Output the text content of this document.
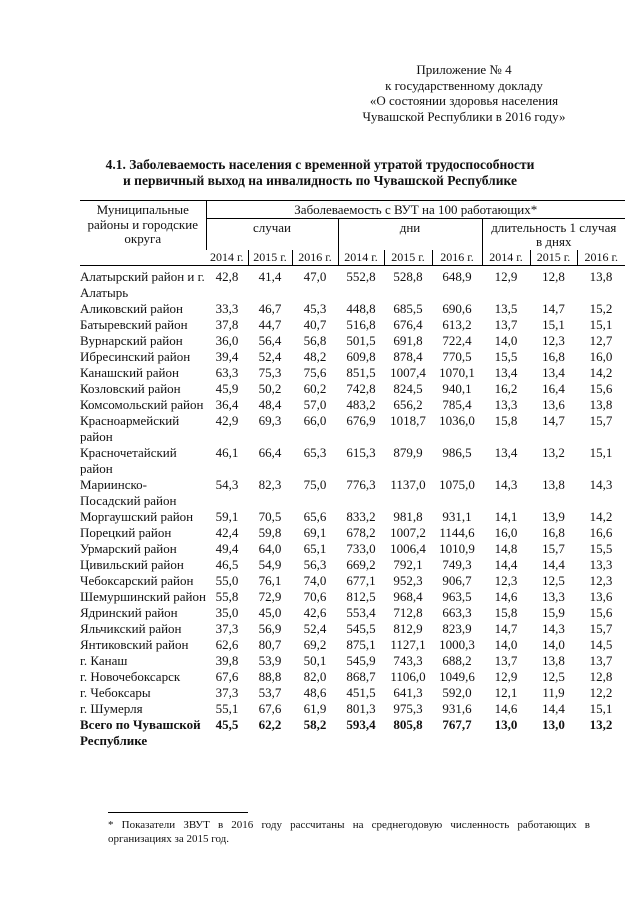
Приложение № 4
к государственному докладу
«О состоянии здоровья населения
Чувашской Республики в 2016 году»
4.1. Заболеваемость населения с временной утратой трудоспособности
и первичный выход на инвалидность по Чувашской Республике
Муниципальные районы и городские округа	Заболеваемость с ВУТ на 100 работающих*								
	случаи			дни			длительность 1 случая в днях		
	2014 г.	2015 г.	2016 г.	2014 г.	2015 г.	2016 г.	2014 г.	2015 г.	2016 г.
Алатырский район и г. Алатырь	42,8	41,4	47,0	552,8	528,8	648,9	12,9	12,8	13,8
Аликовский район	33,3	46,7	45,3	448,8	685,5	690,6	13,5	14,7	15,2
Батыревский район	37,8	44,7	40,7	516,8	676,4	613,2	13,7	15,1	15,1
Вурнарский район	36,0	56,4	56,8	501,5	691,8	722,4	14,0	12,3	12,7
Ибресинский район	39,4	52,4	48,2	609,8	878,4	770,5	15,5	16,8	16,0
Канашский район	63,3	75,3	75,6	851,5	1007,4	1070,1	13,4	13,4	14,2
Козловский район	45,9	50,2	60,2	742,8	824,5	940,1	16,2	16,4	15,6
Комсомольский район	36,4	48,4	57,0	483,2	656,2	785,4	13,3	13,6	13,8
Красноармейский район	42,9	69,3	66,0	676,9	1018,7	1036,0	15,8	14,7	15,7
Красночетайский район	46,1	66,4	65,3	615,3	879,9	986,5	13,4	13,2	15,1
Мариинско-Посадский район	54,3	82,3	75,0	776,3	1137,0	1075,0	14,3	13,8	14,3
Моргаушский район	59,1	70,5	65,6	833,2	981,8	931,1	14,1	13,9	14,2
Порецкий район	42,4	59,8	69,1	678,2	1007,2	1144,6	16,0	16,8	16,6
Урмарский район	49,4	64,0	65,1	733,0	1006,4	1010,9	14,8	15,7	15,5
Цивильский район	46,5	54,9	56,3	669,2	792,1	749,3	14,4	14,4	13,3
Чебоксарский район	55,0	76,1	74,0	677,1	952,3	906,7	12,3	12,5	12,3
Шемуршинский район	55,8	72,9	70,6	812,5	968,4	963,5	14,6	13,3	13,6
Ядринский район	35,0	45,0	42,6	553,4	712,8	663,3	15,8	15,9	15,6
Яльчикский район	37,3	56,9	52,4	545,5	812,9	823,9	14,7	14,3	15,7
Янтиковский район	62,6	80,7	69,2	875,1	1127,1	1000,3	14,0	14,0	14,5
г. Канаш	39,8	53,9	50,1	545,9	743,3	688,2	13,7	13,8	13,7
г. Новочебоксарск	67,6	88,8	82,0	868,7	1106,0	1049,6	12,9	12,5	12,8
г. Чебоксары	37,3	53,7	48,6	451,5	641,3	592,0	12,1	11,9	12,2
г. Шумерля	55,1	67,6	61,9	801,3	975,3	931,6	14,6	14,4	15,1
Всего по Чувашской Республике	45,5	62,2	58,2	593,4	805,8	767,7	13,0	13,0	13,2
* Показатели ЗВУТ в 2016 году рассчитаны на среднегодовую численность работающих в организациях за 2015 год.
